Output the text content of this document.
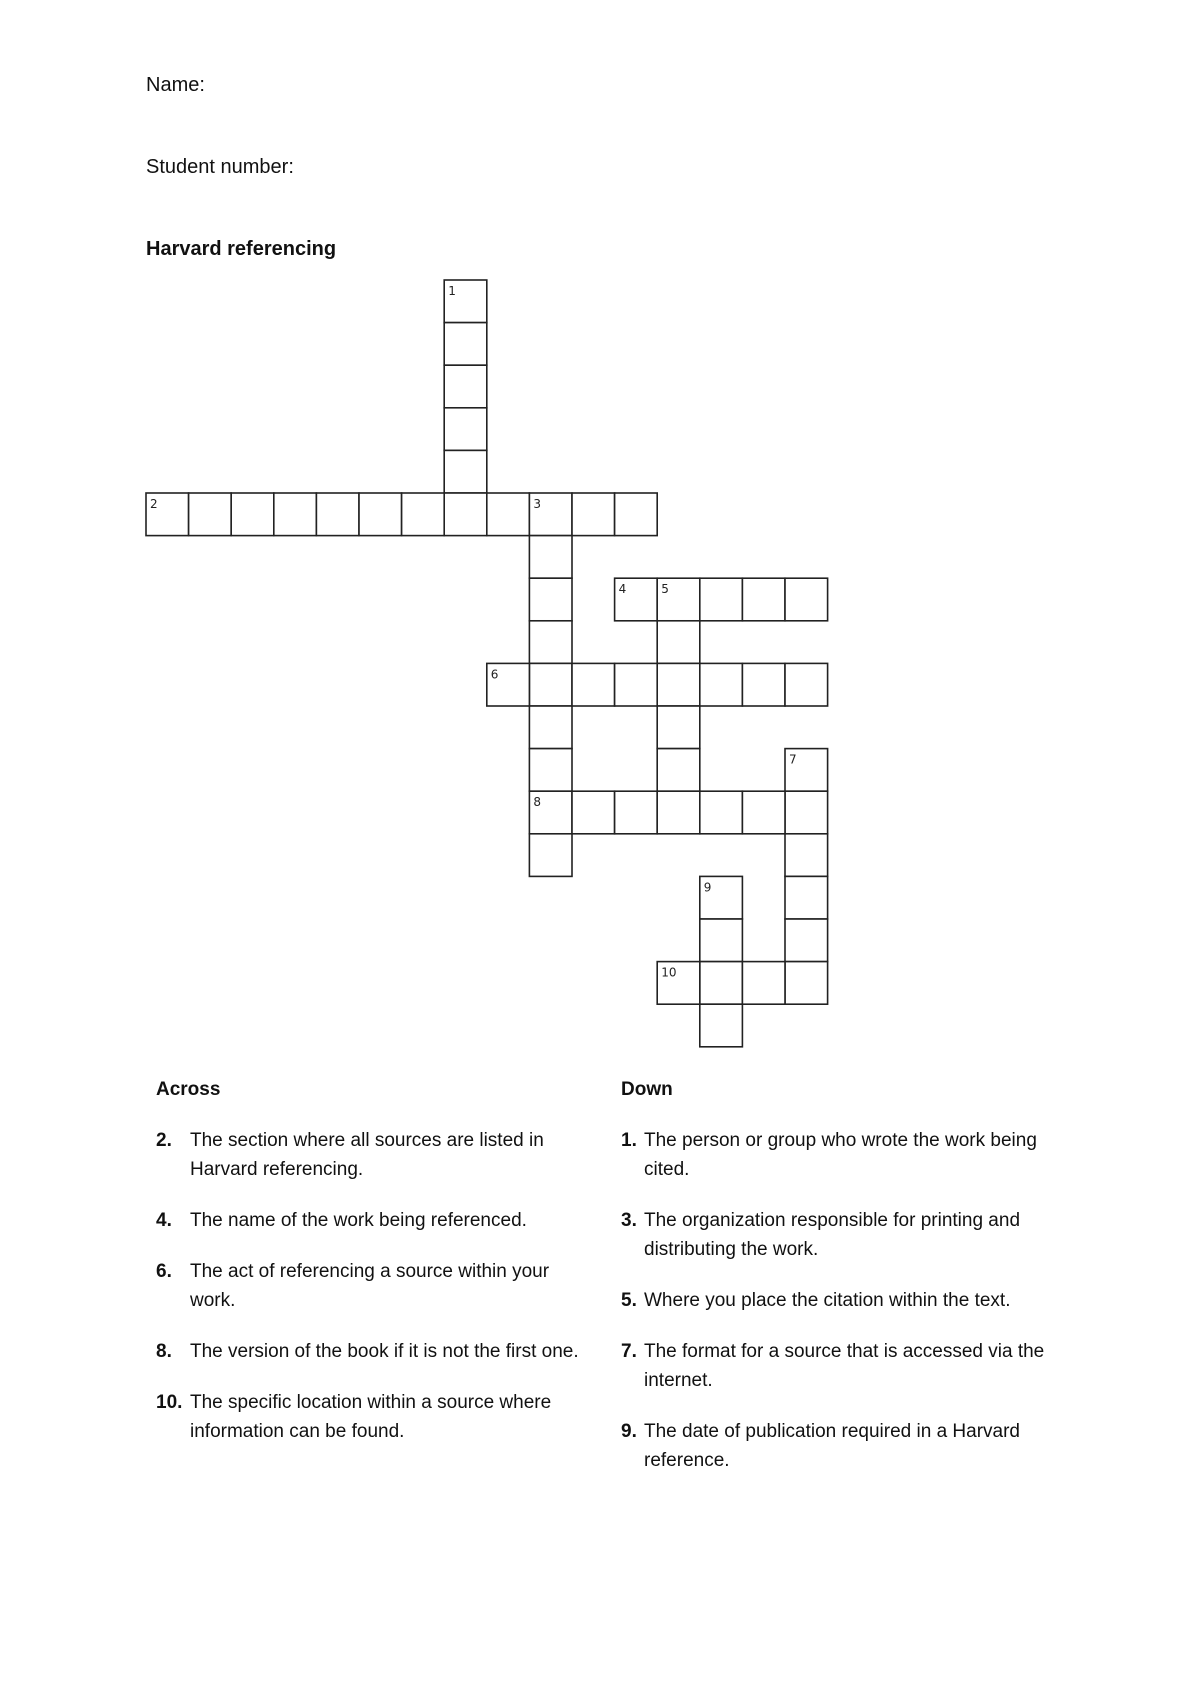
Name:
Student number:
Harvard referencing
1
2	3
4	5
6
7
8
9
10
Across
2. The section where all sources are listed in Harvard referencing.
4. The name of the work being referenced.
6. The act of referencing a source within your work.
8. The version of the book if it is not the first one.
10. The specific location within a source where information can be found.
Down
1. The person or group who wrote the work being cited.
3. The organization responsible for printing and distributing the work.
5. Where you place the citation within the text.
7. The format for a source that is accessed via the internet.
9. The date of publication required in a Harvard reference.
